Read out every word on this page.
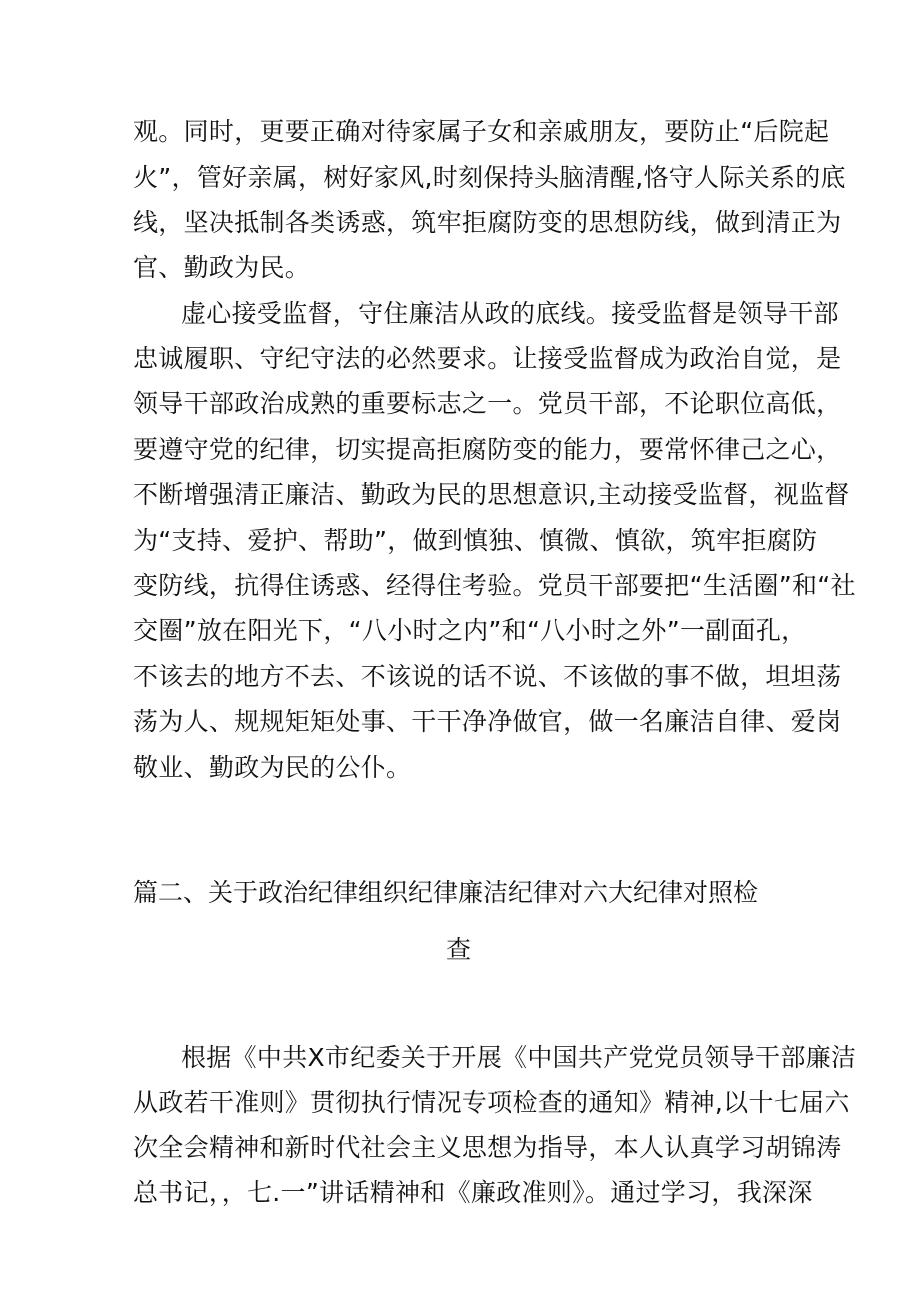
观。同时，更要正确对待家属子女和亲戚朋友，要防止“后院起
火”，管好亲属，树好家风,时刻保持头脑清醒,恪守人际关系的底
线，坚决抵制各类诱惑，筑牢拒腐防变的思想防线，做到清正为
官、勤政为民。
虚心接受监督，守住廉洁从政的底线。接受监督是领导干部
忠诚履职、守纪守法的必然要求。让接受监督成为政治自觉，是
领导干部政治成熟的重要标志之一。党员干部，不论职位高低，
要遵守党的纪律，切实提高拒腐防变的能力，要常怀律己之心，
不断增强清正廉洁、勤政为民的思想意识,主动接受监督，视监督
为“支持、爱护、帮助”，做到慎独、慎微、慎欲，筑牢拒腐防
变防线，抗得住诱惑、经得住考验。党员干部要把“生活圈”和“社
交圈”放在阳光下，“八小时之内”和“八小时之外”一副面孔，
不该去的地方不去、不该说的话不说、不该做的事不做，坦坦荡
荡为人、规规矩矩处事、干干净净做官，做一名廉洁自律、爱岗
敬业、勤政为民的公仆。
篇二、关于政治纪律组织纪律廉洁纪律对六大纪律对照检
查
根据《中共X市纪委关于开展《中国共产党党员领导干部廉洁
从政若干准则》贯彻执行情况专项检查的通知》精神,以十七届六
次全会精神和新时代社会主义思想为指导，本人认真学习胡锦涛
总书记，，七.一”讲话精神和《廉政准则》。通过学习，我深深
